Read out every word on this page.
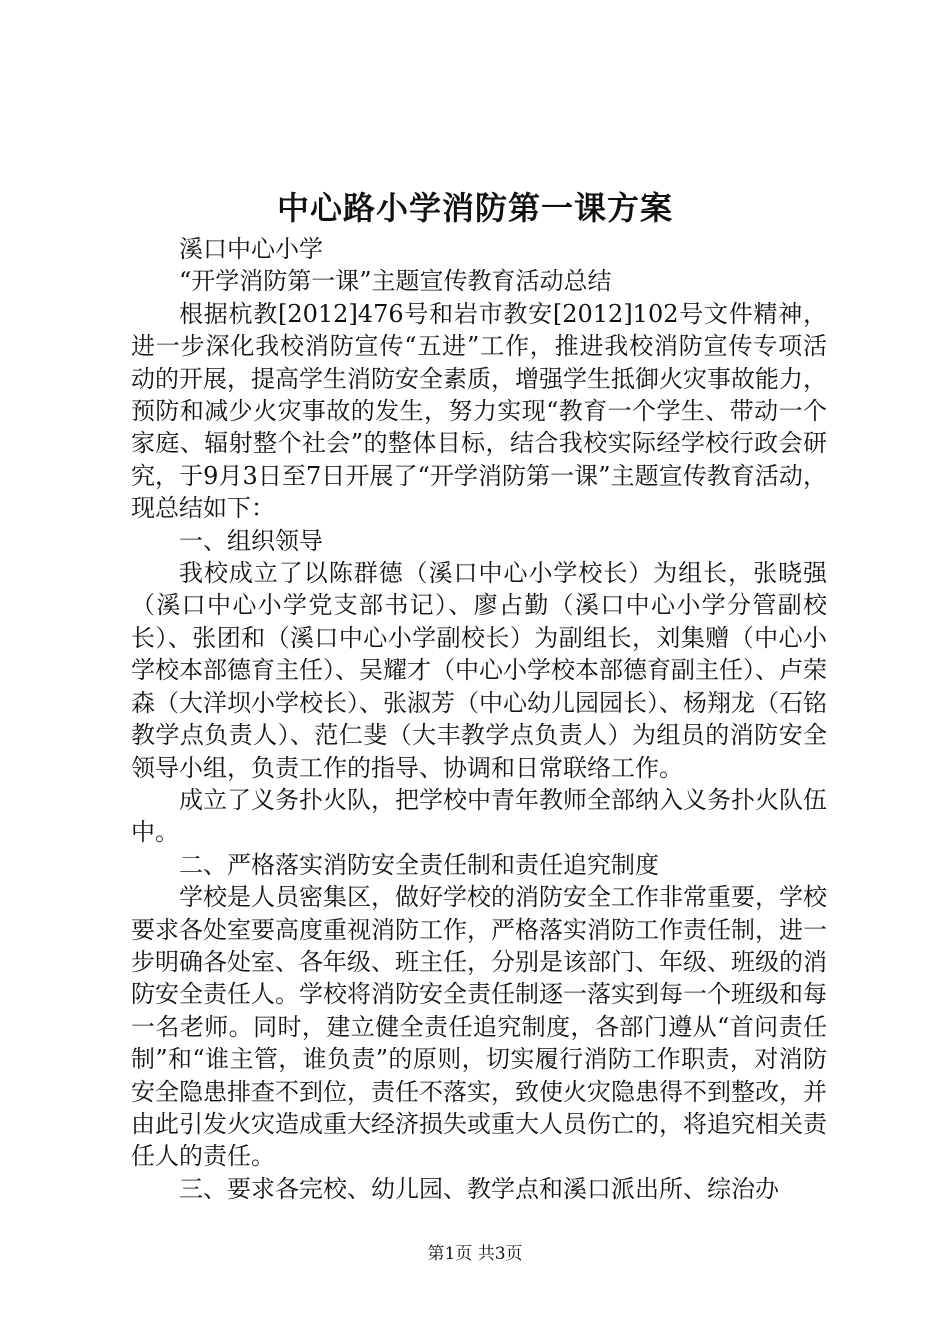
中心路小学消防第一课方案

溪口中心小学

“开学消防第一课”主题宣传教育活动总结

根据杭教[2012]476号和岩市教安[2012]102号文件精神，进一步深化我校消防宣传“五进”工作，推进我校消防宣传专项活动的开展，提高学生消防安全素质，增强学生抵御火灾事故能力，预防和减少火灾事故的发生，努力实现“教育一个学生、带动一个家庭、辐射整个社会”的整体目标，结合我校实际经学校行政会研究，于9月3日至7日开展了“开学消防第一课”主题宣传教育活动，现总结如下：

一、组织领导

我校成立了以陈群德（溪口中心小学校长）为组长，张晓强（溪口中心小学党支部书记）、廖占勤（溪口中心小学分管副校长）、张团和（溪口中心小学副校长）为副组长，刘集赠（中心小学校本部德育主任）、吴耀才（中心小学校本部德育副主任）、卢荣森（大洋坝小学校长）、张淑芳（中心幼儿园园长）、杨翔龙（石铭教学点负责人）、范仁斐（大丰教学点负责人）为组员的消防安全领导小组，负责工作的指导、协调和日常联络工作。

成立了义务扑火队，把学校中青年教师全部纳入义务扑火队伍中。

二、严格落实消防安全责任制和责任追究制度

学校是人员密集区，做好学校的消防安全工作非常重要，学校要求各处室要高度重视消防工作，严格落实消防工作责任制，进一步明确各处室、各年级、班主任，分别是该部门、年级、班级的消防安全责任人。学校将消防安全责任制逐一落实到每一个班级和每一名老师。同时，建立健全责任追究制度，各部门遵从“首问责任制”和“谁主管，谁负责”的原则，切实履行消防工作职责，对消防安全隐患排查不到位，责任不落实，致使火灾隐患得不到整改，并由此引发火灾造成重大经济损失或重大人员伤亡的，将追究相关责任人的责任。

三、要求各完校、幼儿园、教学点和溪口派出所、综治办

第1页 共3页
